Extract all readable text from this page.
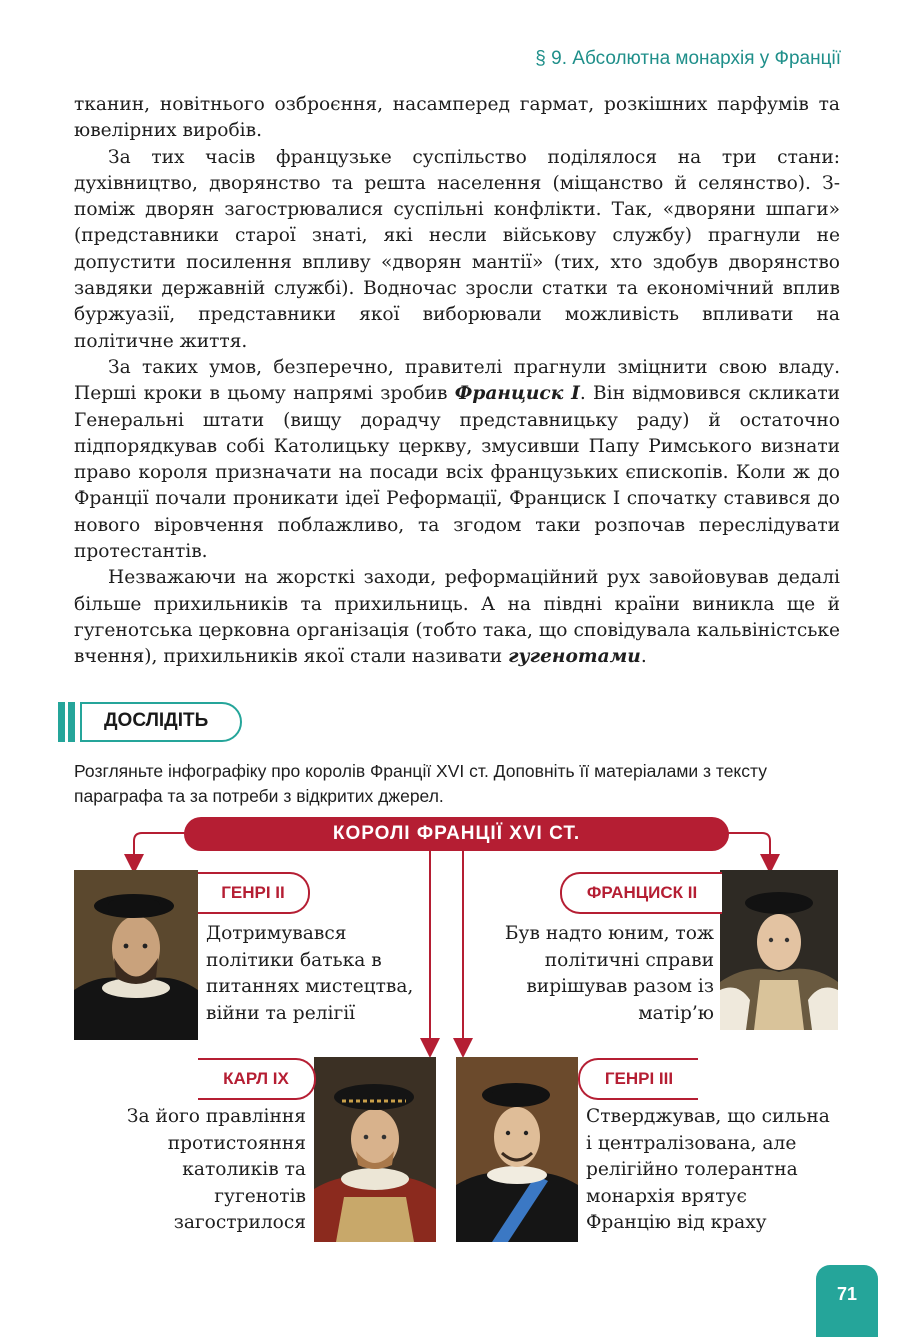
§ 9. Абсолютна монархія у Франції

тканин, новітнього озброєння, насамперед гармат, розкішних парфумів та ювелірних виробів.

За тих часів французьке суспільство поділялося на три стани: духівництво, дворянство та решта населення (міщанство й селянство). З-поміж дворян загострювалися суспільні конфлікти. Так, «дворяни шпаги» (представники старої знаті, які несли військову службу) прагнули не допустити посилення впливу «дворян мантії» (тих, хто здобув дворянство завдяки державній службі). Водночас зросли статки та економічний вплив буржуазії, представники якої виборювали можливість впливати на політичне життя.

За таких умов, безперечно, правителі прагнули зміцнити свою владу. Перші кроки в цьому напрямі зробив Франциск І. Він відмовився скликати Генеральні штати (вищу дорадчу представницьку раду) й остаточно підпорядкував собі Католицьку церкву, змусивши Папу Римського визнати право короля призначати на посади всіх французьких єпископів. Коли ж до Франції почали проникати ідеї Реформації, Франциск І спочатку ставився до нового віровчення поблажливо, та згодом таки розпочав переслідувати протестантів.

Незважаючи на жорсткі заходи, реформаційний рух завойовував дедалі більше прихильників та прихильниць. А на півдні країни виникла ще й гугенотська церковна організація (тобто така, що сповідувала кальвіністське вчення), прихильників якої стали називати гугенотами.

ДОСЛІДІТЬ
Розгляньте інфографіку про королів Франції XVI ст. Доповніть її матеріалами з тексту параграфа та за потреби з відкритих джерел.
КОРОЛІ ФРАНЦІЇ XVI СТ.
ГЕНРІ II
Дотримувався політики батька в питаннях мистецтва, війни та релігії
ФРАНЦИСК II
Був надто юним, тож політичні справи вирішував разом із матір’ю
КАРЛ IX
За його правління протистояння католиків та гугенотів загострилося
ГЕНРІ III
Стверджував, що сильна і централізована, але релігійно толерантна монархія врятує Францію від краху
71
